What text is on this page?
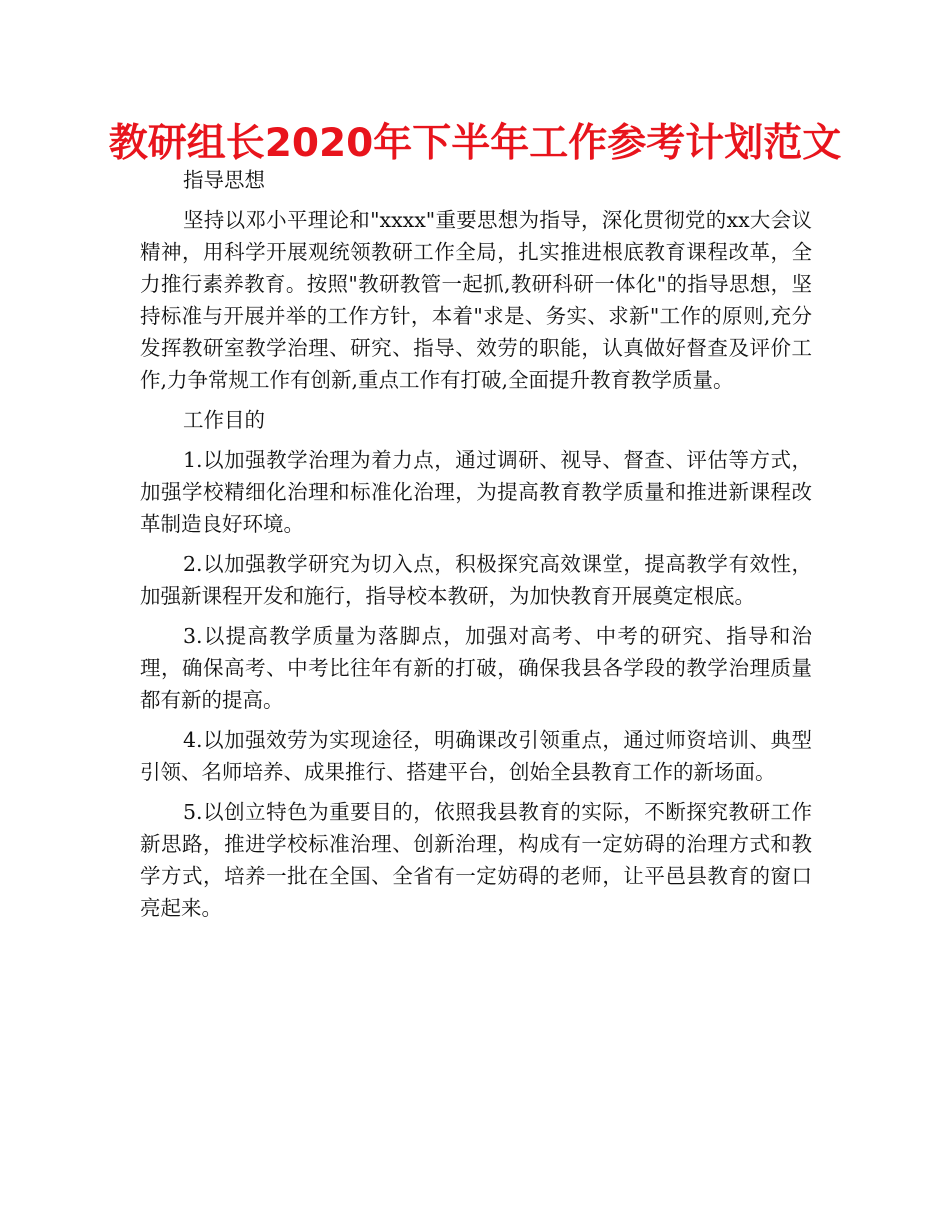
教研组长2020年下半年工作参考计划范文

指导思想

坚持以邓小平理论和"xxxx"重要思想为指导，深化贯彻党的xx大会议精神，用科学开展观统领教研工作全局，扎实推进根底教育课程改革，全力推行素养教育。按照"教研教管一起抓,教研科研一体化"的指导思想，坚持标准与开展并举的工作方针，本着"求是、务实、求新"工作的原则,充分发挥教研室教学治理、研究、指导、效劳的职能，认真做好督查及评价工作,力争常规工作有创新,重点工作有打破,全面提升教育教学质量。

工作目的

1.以加强教学治理为着力点，通过调研、视导、督查、评估等方式，加强学校精细化治理和标准化治理，为提高教育教学质量和推进新课程改革制造良好环境。

2.以加强教学研究为切入点，积极探究高效课堂，提高教学有效性，加强新课程开发和施行，指导校本教研，为加快教育开展奠定根底。

3.以提高教学质量为落脚点，加强对高考、中考的研究、指导和治理，确保高考、中考比往年有新的打破，确保我县各学段的教学治理质量都有新的提高。

4.以加强效劳为实现途径，明确课改引领重点，通过师资培训、典型引领、名师培养、成果推行、搭建平台，创始全县教育工作的新场面。

5.以创立特色为重要目的，依照我县教育的实际，不断探究教研工作新思路，推进学校标准治理、创新治理，构成有一定妨碍的治理方式和教学方式，培养一批在全国、全省有一定妨碍的老师，让平邑县教育的窗口亮起来。
